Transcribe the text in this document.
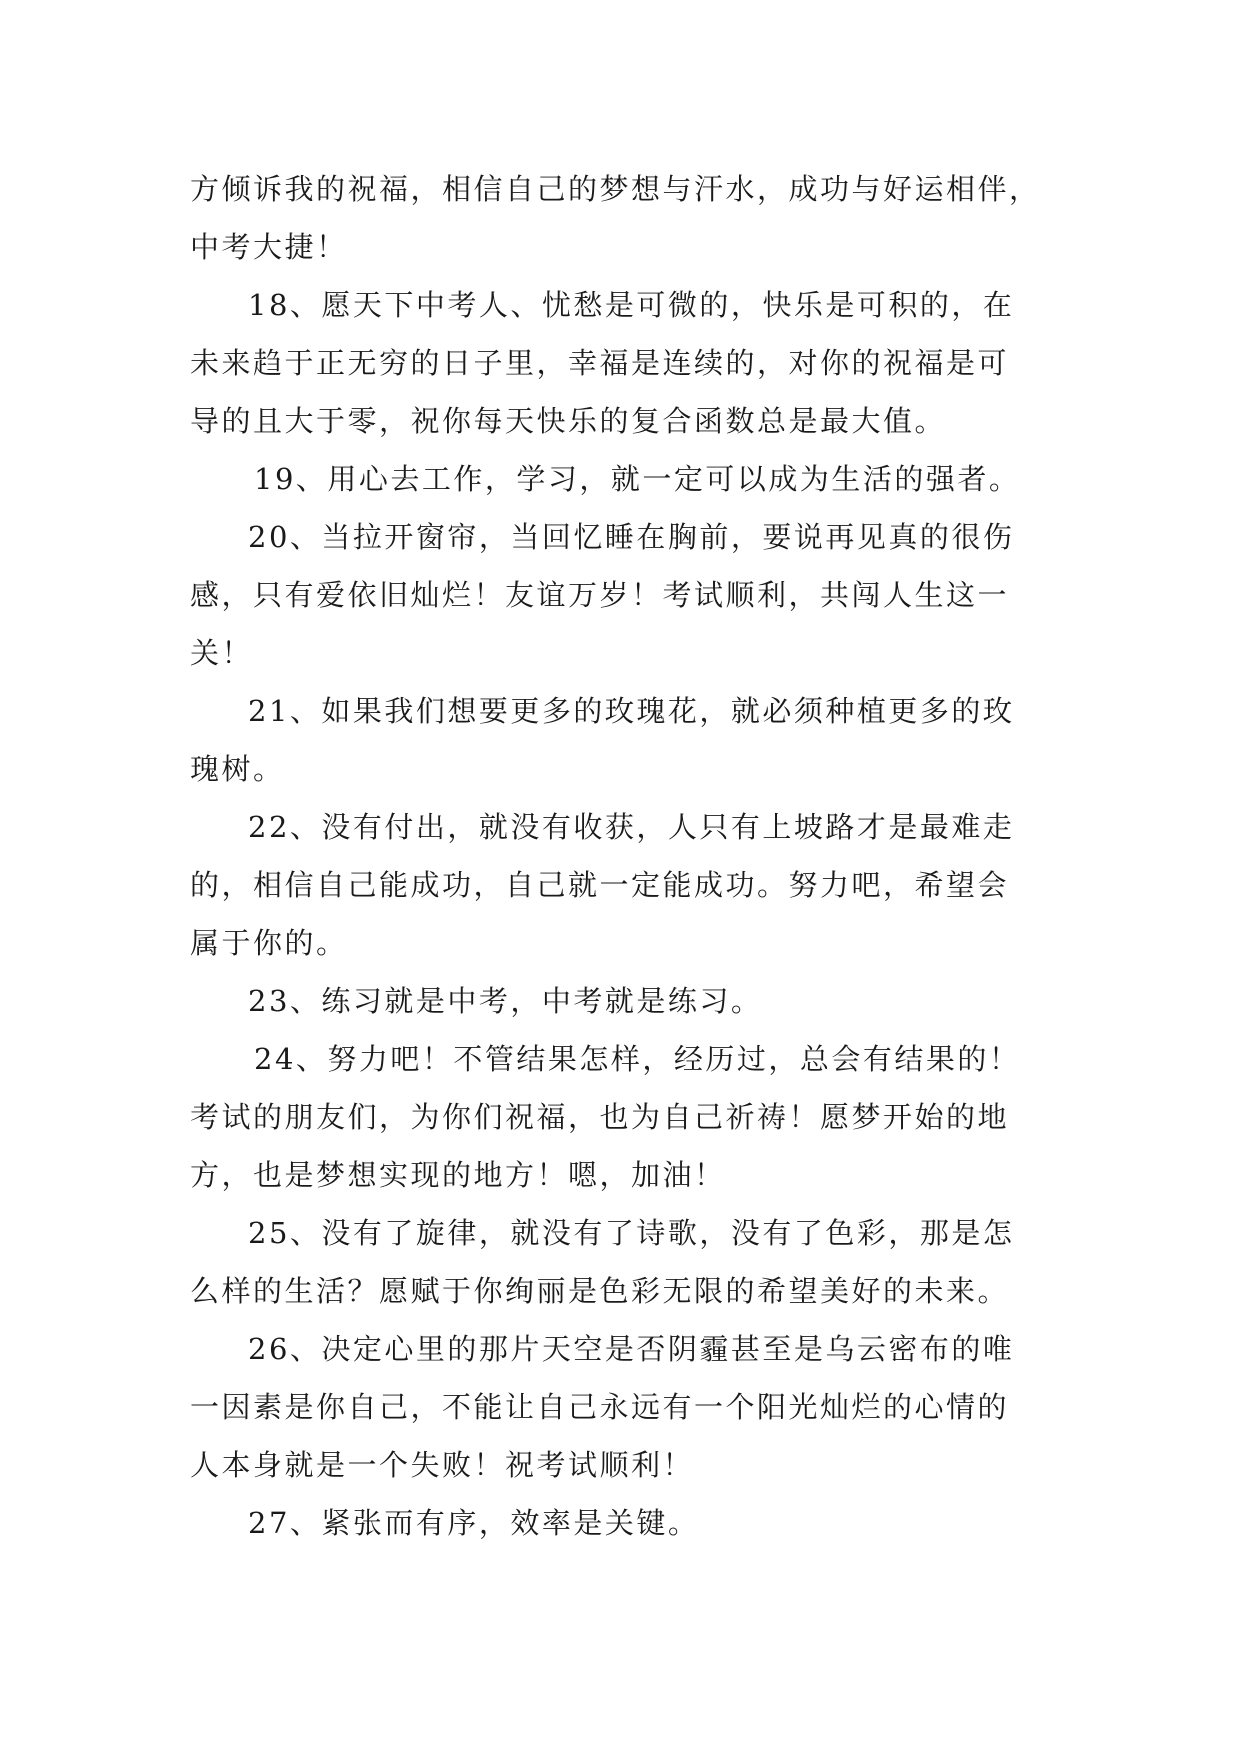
方倾诉我的祝福，相信自己的梦想与汗水，成功与好运相伴，
中考大捷！
18、愿天下中考人、忧愁是可微的，快乐是可积的，在
未来趋于正无穷的日子里，幸福是连续的，对你的祝福是可
导的且大于零，祝你每天快乐的复合函数总是最大值。
19、用心去工作，学习，就一定可以成为生活的强者。
20、当拉开窗帘，当回忆睡在胸前，要说再见真的很伤
感，只有爱依旧灿烂！友谊万岁！考试顺利，共闯人生这一
关！
21、如果我们想要更多的玫瑰花，就必须种植更多的玫
瑰树。
22、没有付出，就没有收获，人只有上坡路才是最难走
的，相信自己能成功，自己就一定能成功。努力吧，希望会
属于你的。
23、练习就是中考，中考就是练习。
24、努力吧！不管结果怎样，经历过，总会有结果的！
考试的朋友们，为你们祝福，也为自己祈祷！愿梦开始的地
方，也是梦想实现的地方！嗯，加油！
25、没有了旋律，就没有了诗歌，没有了色彩，那是怎
么样的生活？愿赋于你绚丽是色彩无限的希望美好的未来。
26、决定心里的那片天空是否阴霾甚至是乌云密布的唯
一因素是你自己，不能让自己永远有一个阳光灿烂的心情的
人本身就是一个失败！祝考试顺利！
27、紧张而有序，效率是关键。
